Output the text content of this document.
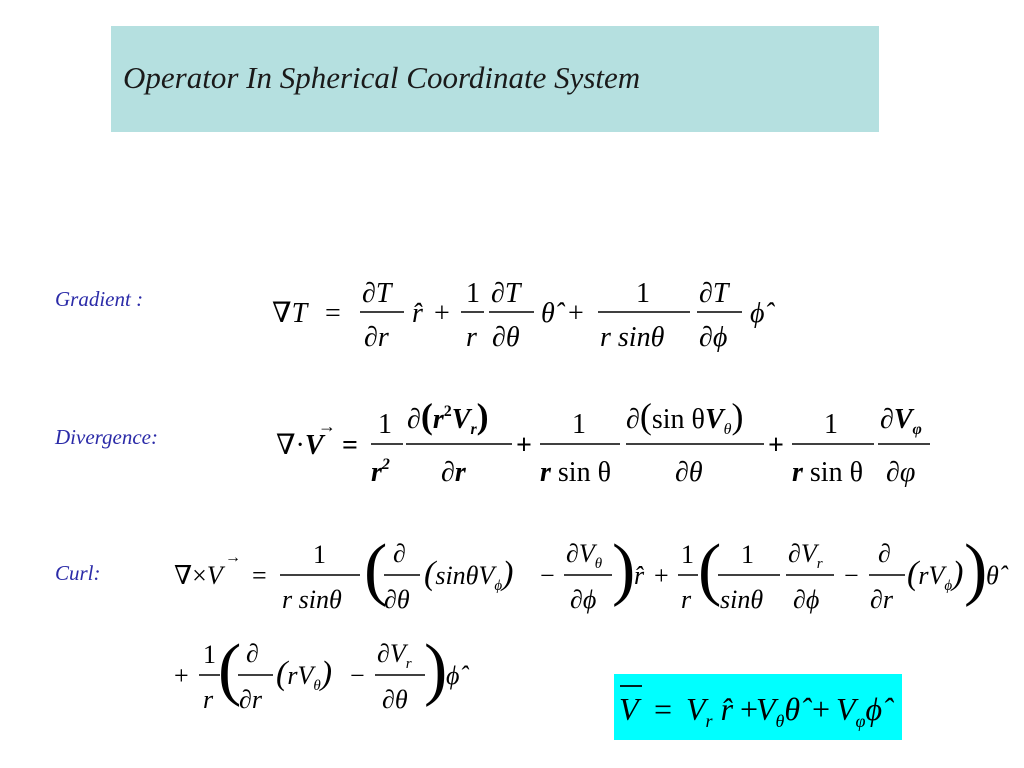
Operator In Spherical Coordinate System
Gradient :
Divergence:
Curl:
∇T =
∂T
∂r
r̂ +
1
r
∂T
∂θ
θ̂ +
1
r sinθ
∂T
∂ϕ
ϕ̂
∇·V
→
=
1
$r^2$
$\partial(r^2V_r)$
∂r
+
1
r sin θ
∂(sin $\theta V_\theta$)
∂θ
+
1
r sin θ
$\partial V_\varphi$
∂φ
∇×V
→
=
1
r sinθ ( ∂
∂θ
(sinθV$_\phi$) −
$\partial V_\theta$
∂ϕ )
r̂ +
1
r ( 1
sinθ
$\partial V_r$
∂ϕ
−
∂
∂r
$(rV_\phi)$ )
θ̂
+
1
r ( ∂
∂r
$(rV_\theta)$ −
$\partial V_r$
∂θ )
ϕ̂
$V = V_r$ r̂ +
$V_\theta\thetâ$ + $V_\varphi\phî$
